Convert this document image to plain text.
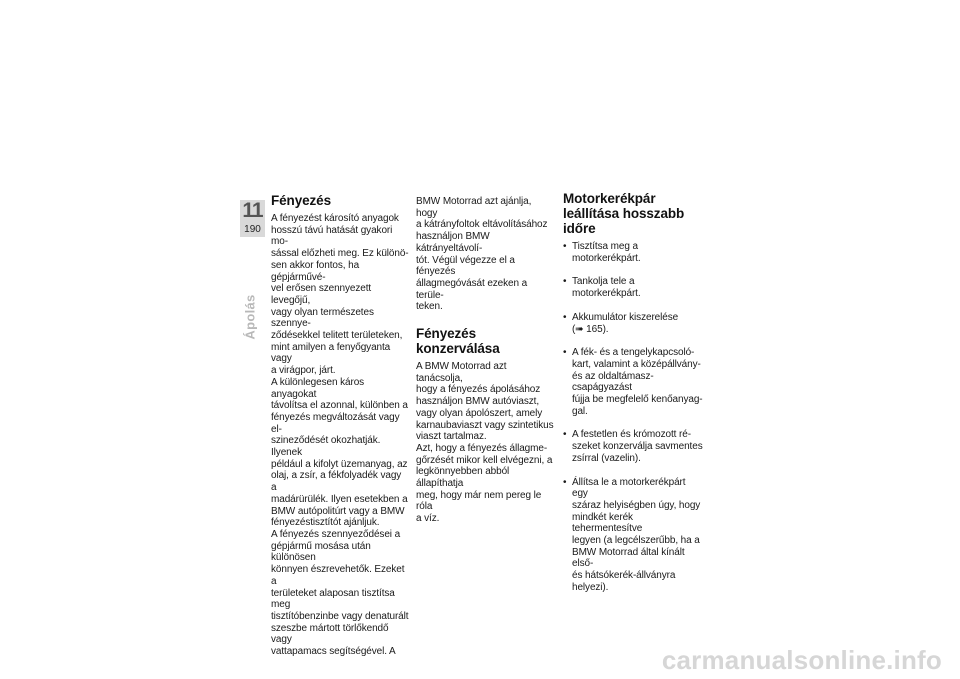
11
190
Ápolás
Fényezés

A fényezést károsító anyagok

hosszú távú hatását gyakori mo-

sással előzheti meg. Ez különö-

sen akkor fontos, ha gépjárművé-

vel erősen szennyezett levegőjű,

vagy olyan természetes szennye-

ződésekkel telitett területeken,

mint amilyen a fenyőgyanta vagy

a virágpor, járt.

A különlegesen káros anyagokat

távolítsa el azonnal, különben a

fényezés megváltozását vagy el-

szineződését okozhatják. Ilyenek

például a kifolyt üzemanyag, az

olaj, a zsír, a fékfolyadék vagy a

madárürülék. Ilyen esetekben a

BMW autópolitúrt vagy a BMW

fényezéstisztítót ajánljuk.

A fényezés szennyeződései a

gépjármű mosása után különösen

könnyen észrevehetők. Ezeket a

területeket alaposan tisztítsa meg

tisztítóbenzinbe vagy denaturált

szeszbe mártott törlőkendő vagy

vattapamacs segítségével. A

BMW Motorrad azt ajánlja, hogy

a kátrányfoltok eltávolításához

használjon BMW kátrányeltávolí-

tót. Végül végezze el a fényezés

állagmegóvását ezeken a terüle-

teken.

Fényezés konzerválása

A BMW Motorrad azt tanácsolja,

hogy a fényezés ápolásához

használjon BMW autóviaszt,

vagy olyan ápolószert, amely

karnaubaviaszt vagy szintetikus

viaszt tartalmaz.

Azt, hogy a fényezés állagme-

gőrzését mikor kell elvégezni, a

legkönnyebben abból állapíthatja

meg, hogy már nem pereg le róla

a víz.

Motorkerékpár
leállítása hosszabb
időre

• Tisztítsa meg a motorkerékpárt.

• Tankolja tele a motorkerékpárt.

• Akkumulátor kiszerelése

(➠ 165).

• A fék- és a tengelykapcsoló-

kart, valamint a középállvány-

és az oldaltámasz-csapágyazást

fújja be megfelelő kenőanyag-

gal.

• A festetlen és krómozott ré-

szeket konzerválja savmentes

zsírral (vazelin).

• Állítsa le a motorkerékpárt egy

száraz helyiségben úgy, hogy

mindkét kerék tehermentesítve

legyen (a legcélszerűbb, ha a

BMW Motorrad által kínált első-

és hátsókerék-állványra helyezi).

carmanualsonline.info
